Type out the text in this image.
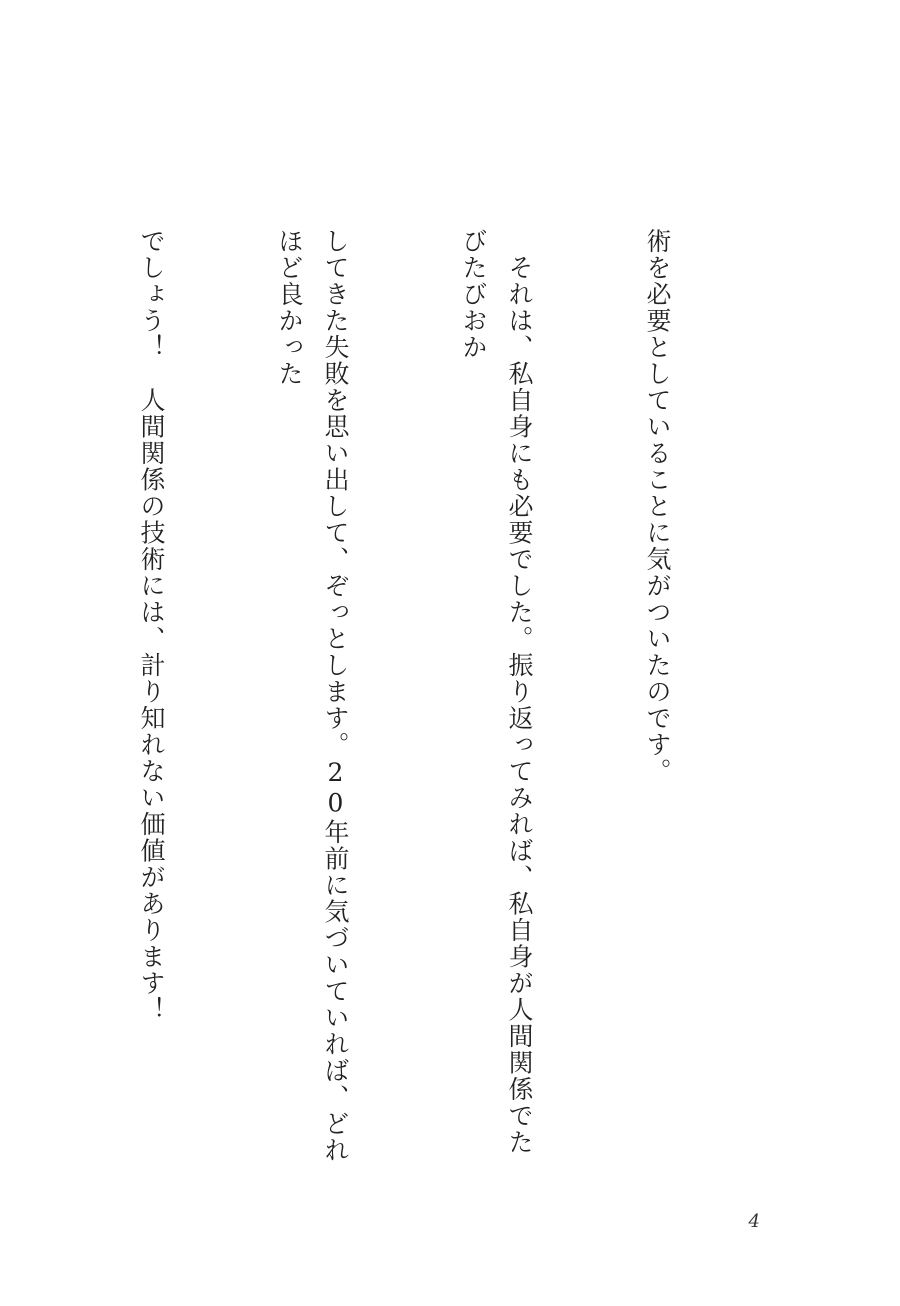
術を必要としていることに気がついたのです。

　それは、私自身にも必要でした。振り返ってみれば、私自身が人間関係でたびたびおか

してきた失敗を思い出して、ぞっとします。20年前に気づいていれば、どれほど良かった

でしょう！　人間関係の技術には、計り知れない価値があります！

4
